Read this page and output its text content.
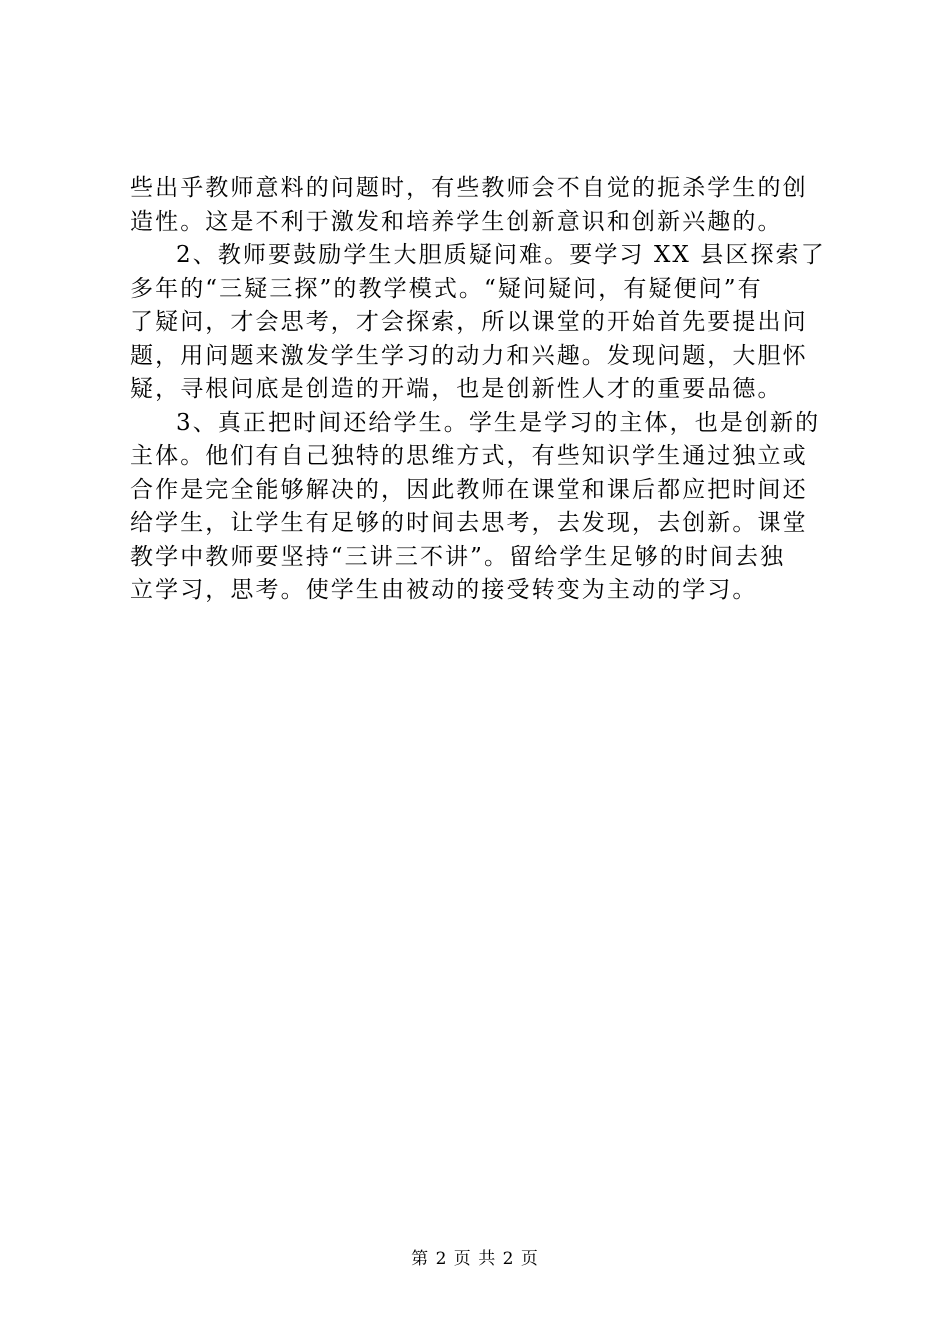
些出乎教师意料的问题时，有些教师会不自觉的扼杀学生的创
造性。这是不利于激发和培养学生创新意识和创新兴趣的。
2、教师要鼓励学生大胆质疑问难。要学习 XX 县区探索了
多年的“三疑三探”的教学模式。“疑问疑问，有疑便问”有
了疑问，才会思考，才会探索，所以课堂的开始首先要提出问
题，用问题来激发学生学习的动力和兴趣。发现问题，大胆怀
疑，寻根问底是创造的开端，也是创新性人才的重要品德。
3、真正把时间还给学生。学生是学习的主体，也是创新的
主体。他们有自己独特的思维方式，有些知识学生通过独立或
合作是完全能够解决的，因此教师在课堂和课后都应把时间还
给学生，让学生有足够的时间去思考，去发现，去创新。课堂
教学中教师要坚持“三讲三不讲”。留给学生足够的时间去独
立学习，思考。使学生由被动的接受转变为主动的学习。
第 2 页 共 2 页
